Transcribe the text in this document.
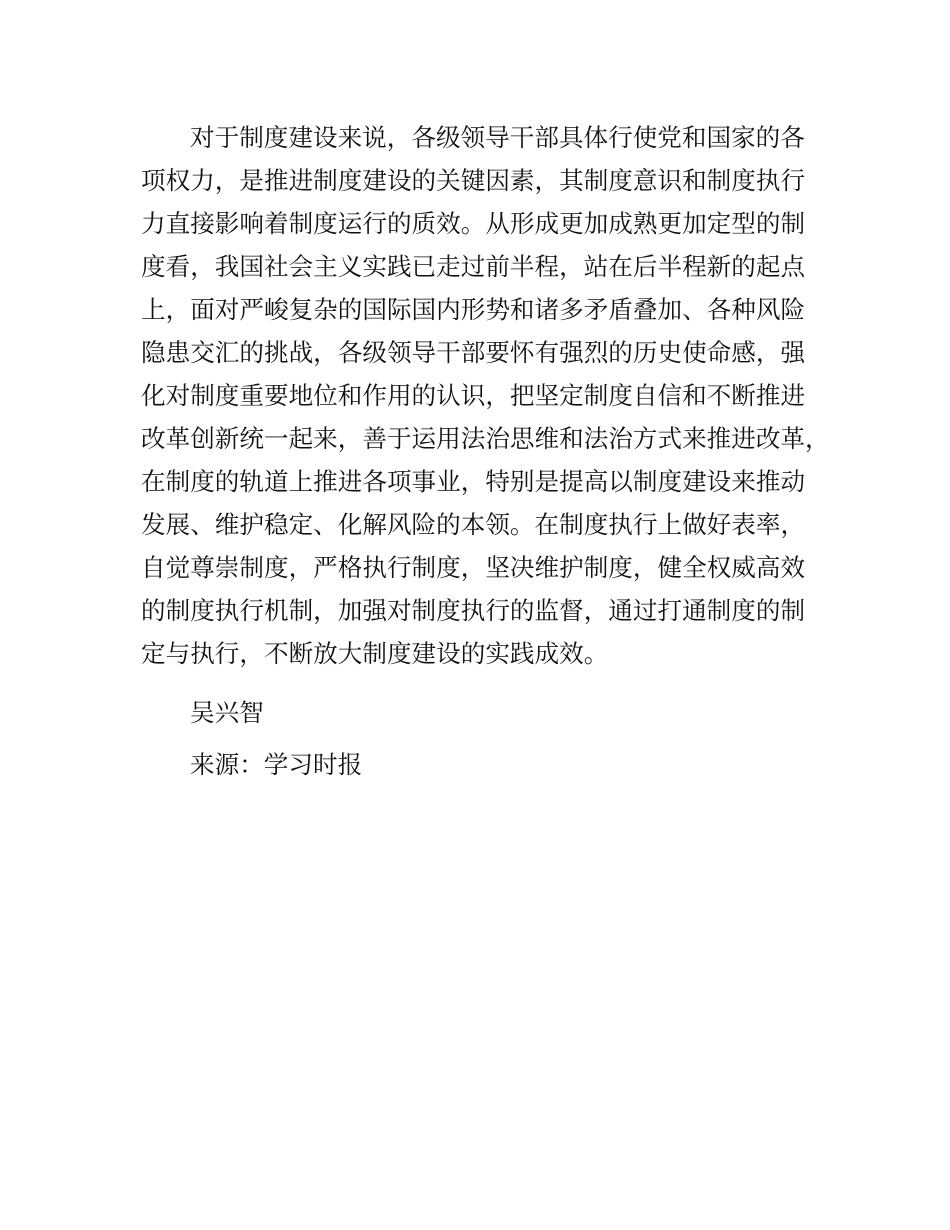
对于制度建设来说，各级领导干部具体行使党和国家的各
项权力，是推进制度建设的关键因素，其制度意识和制度执行
力直接影响着制度运行的质效。从形成更加成熟更加定型的制
度看，我国社会主义实践已走过前半程，站在后半程新的起点
上，面对严峻复杂的国际国内形势和诸多矛盾叠加、各种风险
隐患交汇的挑战，各级领导干部要怀有强烈的历史使命感，强
化对制度重要地位和作用的认识，把坚定制度自信和不断推进
改革创新统一起来，善于运用法治思维和法治方式来推进改革，
在制度的轨道上推进各项事业，特别是提高以制度建设来推动
发展、维护稳定、化解风险的本领。在制度执行上做好表率，
自觉尊崇制度，严格执行制度，坚决维护制度，健全权威高效
的制度执行机制，加强对制度执行的监督，通过打通制度的制
定与执行，不断放大制度建设的实践成效。
吴兴智
来源：学习时报
